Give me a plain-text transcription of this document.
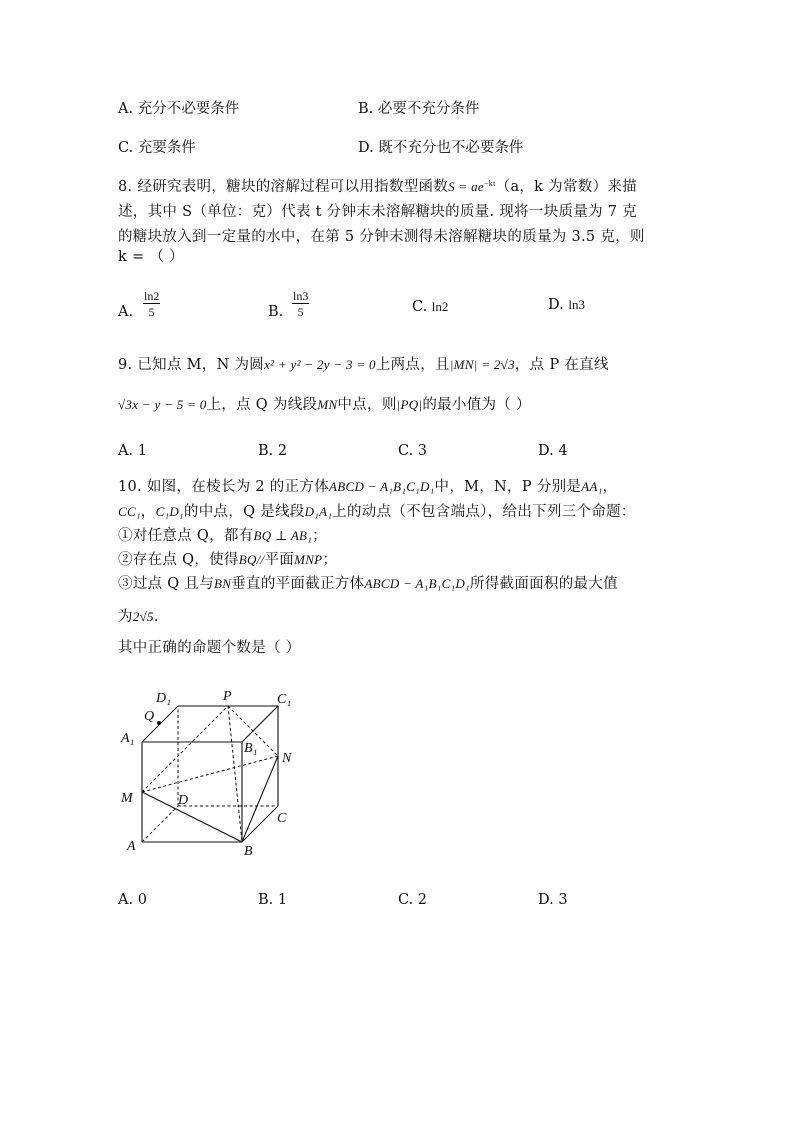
A. 充分不必要条件	B. 必要不充分条件
C. 充要条件	D. 既不充分也不必要条件
8. 经研究表明，糖块的溶解过程可以用指数型函数$S = ae^{-kt}(a$，k 为常数）来描
述，其中 S（单位：克）代表 t 分钟末未溶解糖块的质量. 现将一块质量为 7 克
的糖块放入到一定量的水中，在第 5 分钟末测得未溶解糖块的质量为 3.5 克，则
k = （ ）
A. $\frac{\ln 2}{5}$	B. $\frac{\ln 3}{5}$	C. ln2	D. ln3
9. 已知点 M，N 为圆x² + y² − 2y − 3 = 0上两点，且|MN| = 2√3，点 P 在直线
√3x − y − 5 = 0上，点 Q 为线段MN中点，则|PQ|的最小值为（ ）
A. 1	B. 2	C. 3	D. 4
10. 如图，在棱长为 2 的正方体ABCD − A₁B₁C₁D₁中，M，N，P 分别是AA₁，
CC₁，C₁D₁的中点，Q 是线段D₁A₁上的动点（不包含端点），给出下列三个命题：
①对任意点 Q，都有BQ ⊥ AB₁；
②存在点 Q，使得BQ//平面MNP；
③过点 Q 且与BN垂直的平面截正方体ABCD − A₁B₁C₁D₁所得截面面积的最大值
为2√5.
其中正确的命题个数是（ ）
D₁	P	C₁
Q
A₁
B₁
N
M	D
C
A	B
A. 0	B. 1	C. 2	D. 3
